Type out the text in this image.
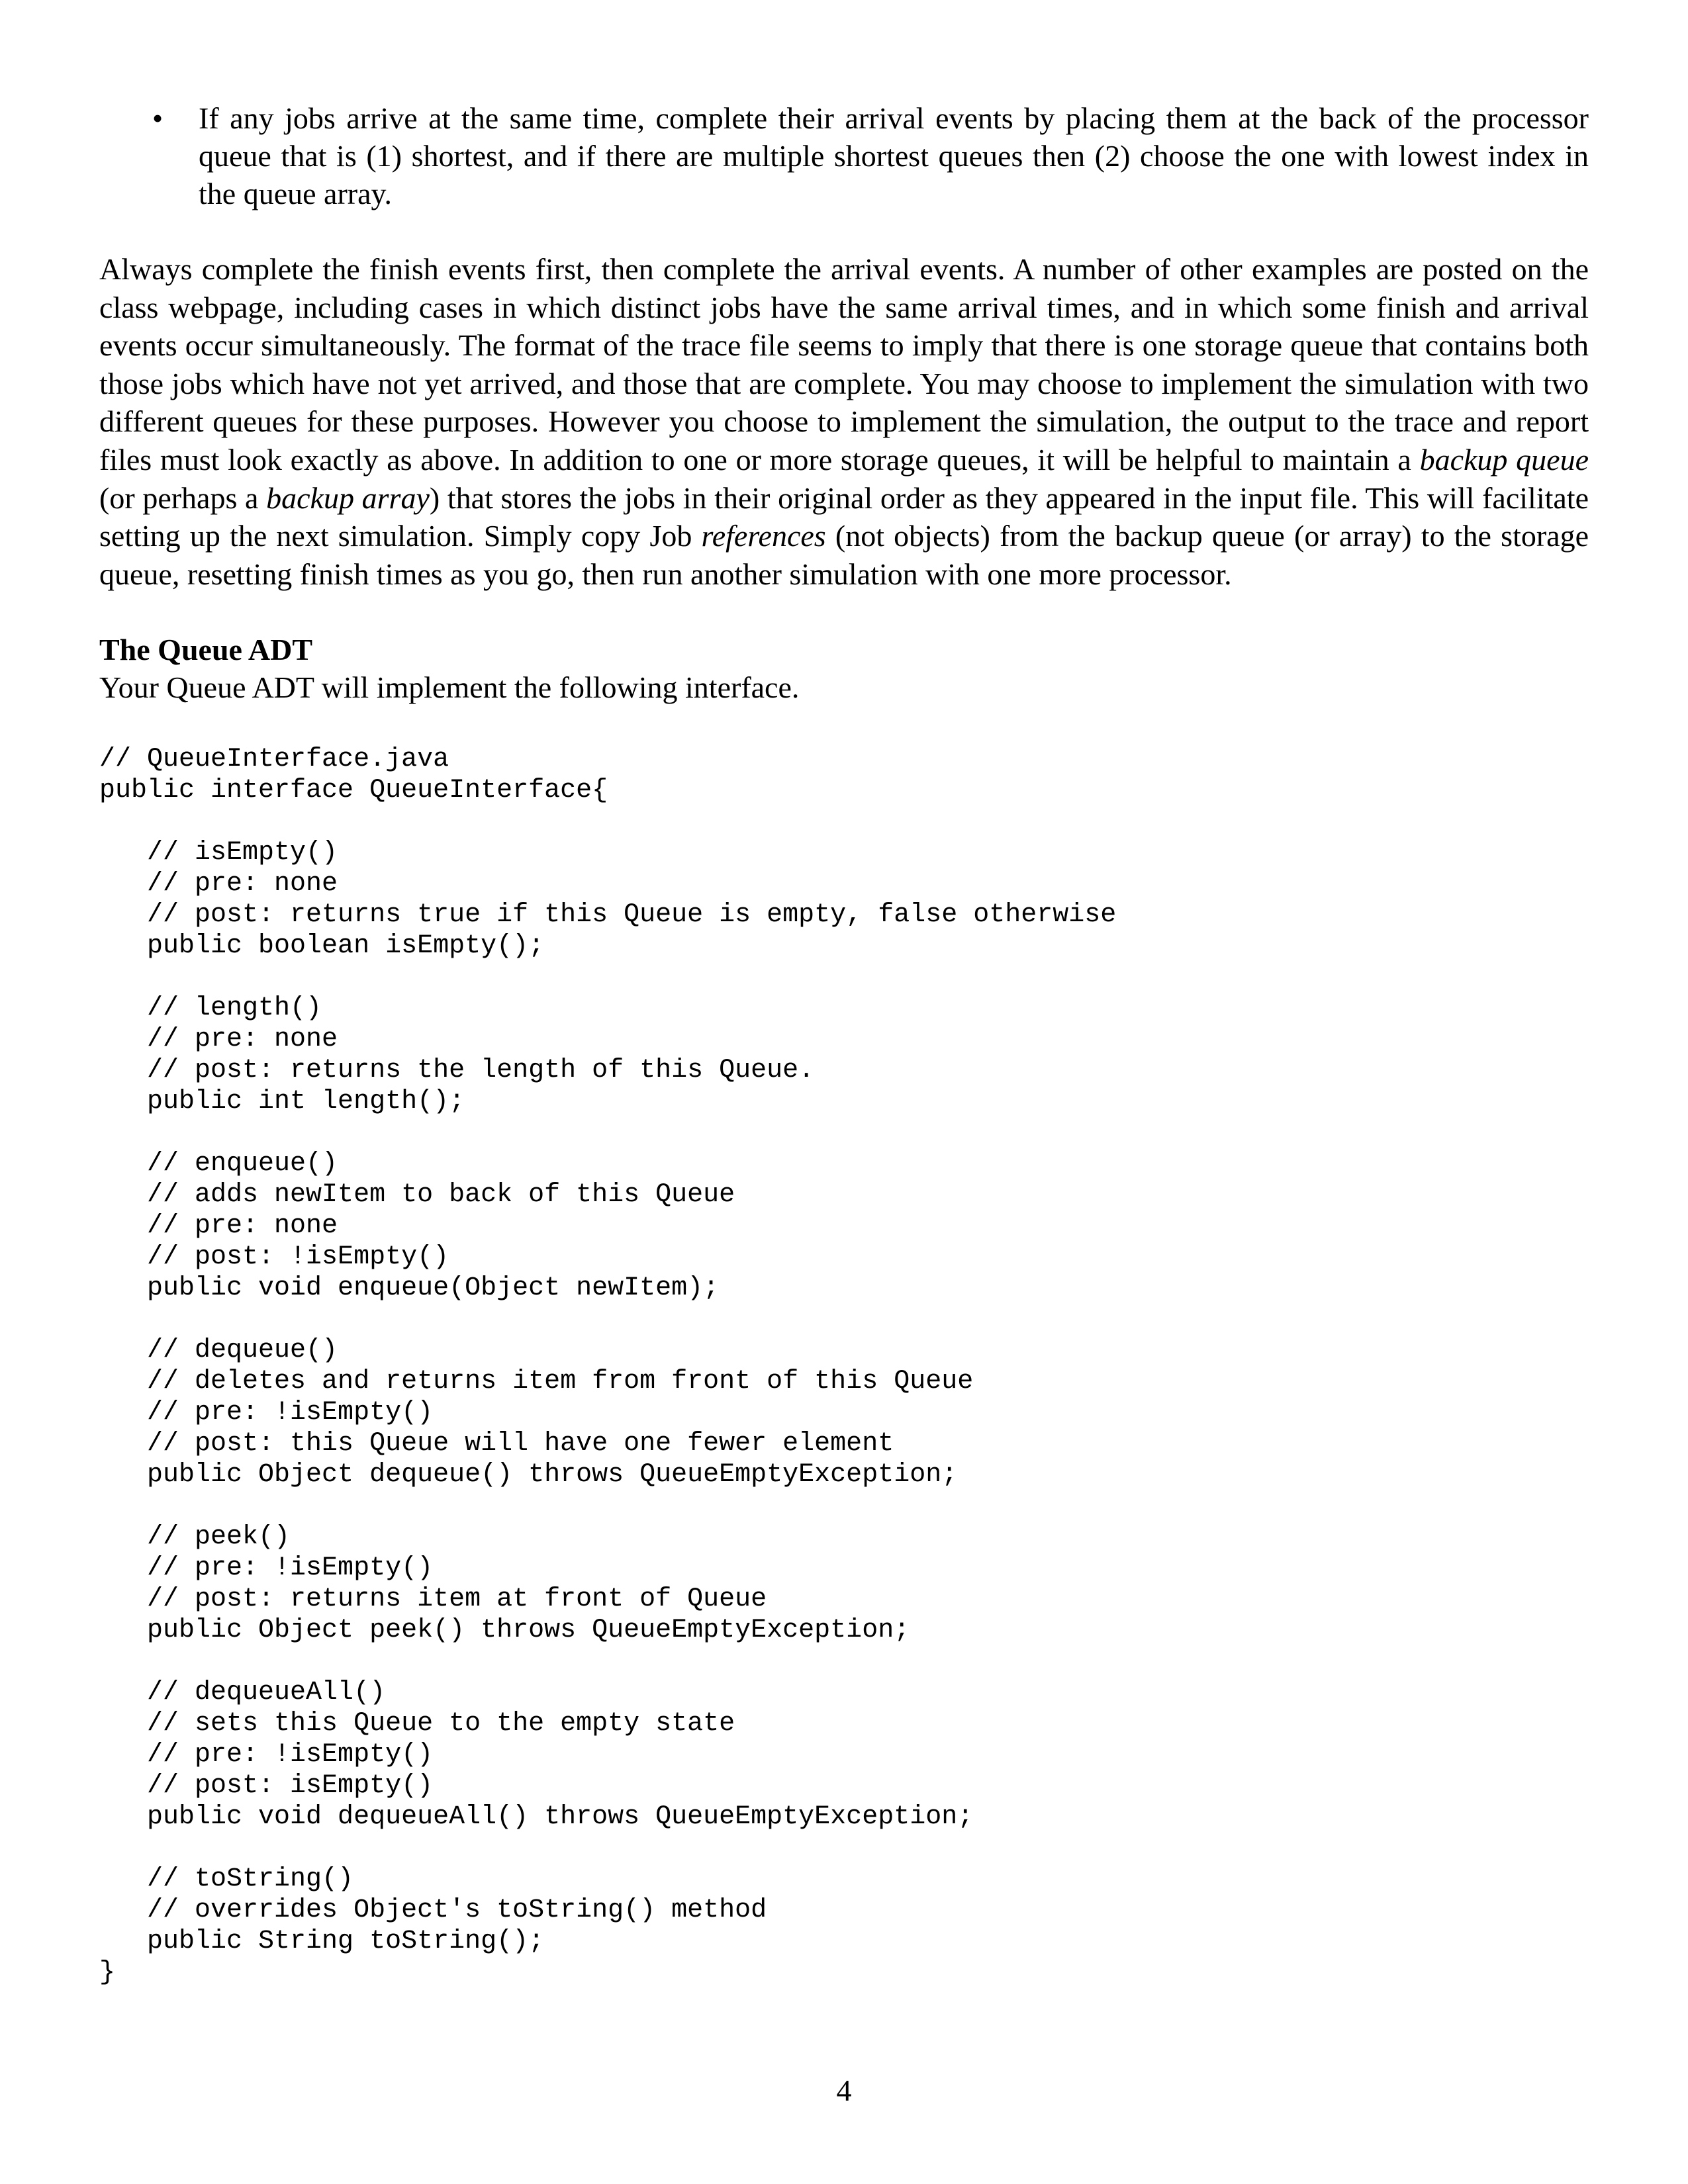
• If any jobs arrive at the same time, complete their arrival events by placing them at the back of the processor queue that is (1) shortest, and if there are multiple shortest queues then (2) choose the one with lowest index in the queue array.
Always complete the finish events first, then complete the arrival events. A number of other examples are posted on the class webpage, including cases in which distinct jobs have the same arrival times, and in which some finish and arrival events occur simultaneously. The format of the trace file seems to imply that there is one storage queue that contains both those jobs which have not yet arrived, and those that are complete. You may choose to implement the simulation with two different queues for these purposes. However you choose to implement the simulation, the output to the trace and report files must look exactly as above. In addition to one or more storage queues, it will be helpful to maintain a backup queue (or perhaps a backup array) that stores the jobs in their original order as they appeared in the input file. This will facilitate setting up the next simulation. Simply copy Job references (not objects) from the backup queue (or array) to the storage queue, resetting finish times as you go, then run another simulation with one more processor.
The Queue ADT
Your Queue ADT will implement the following interface.
// QueueInterface.java
public interface QueueInterface{
// isEmpty()
// pre: none
// post: returns true if this Queue is empty, false otherwise
public boolean isEmpty();
// length()
// pre: none
// post: returns the length of this Queue.
public int length();
// enqueue()
// adds newItem to back of this Queue
// pre: none
// post: !isEmpty()
public void enqueue(Object newItem);
// dequeue()
// deletes and returns item from front of this Queue
// pre: !isEmpty()
// post: this Queue will have one fewer element
public Object dequeue() throws QueueEmptyException;
// peek()
// pre: !isEmpty()
// post: returns item at front of Queue
public Object peek() throws QueueEmptyException;
// dequeueAll()
// sets this Queue to the empty state
// pre: !isEmpty()
// post: isEmpty()
public void dequeueAll() throws QueueEmptyException;
// toString()
// overrides Object's toString() method
public String toString();
}
4
